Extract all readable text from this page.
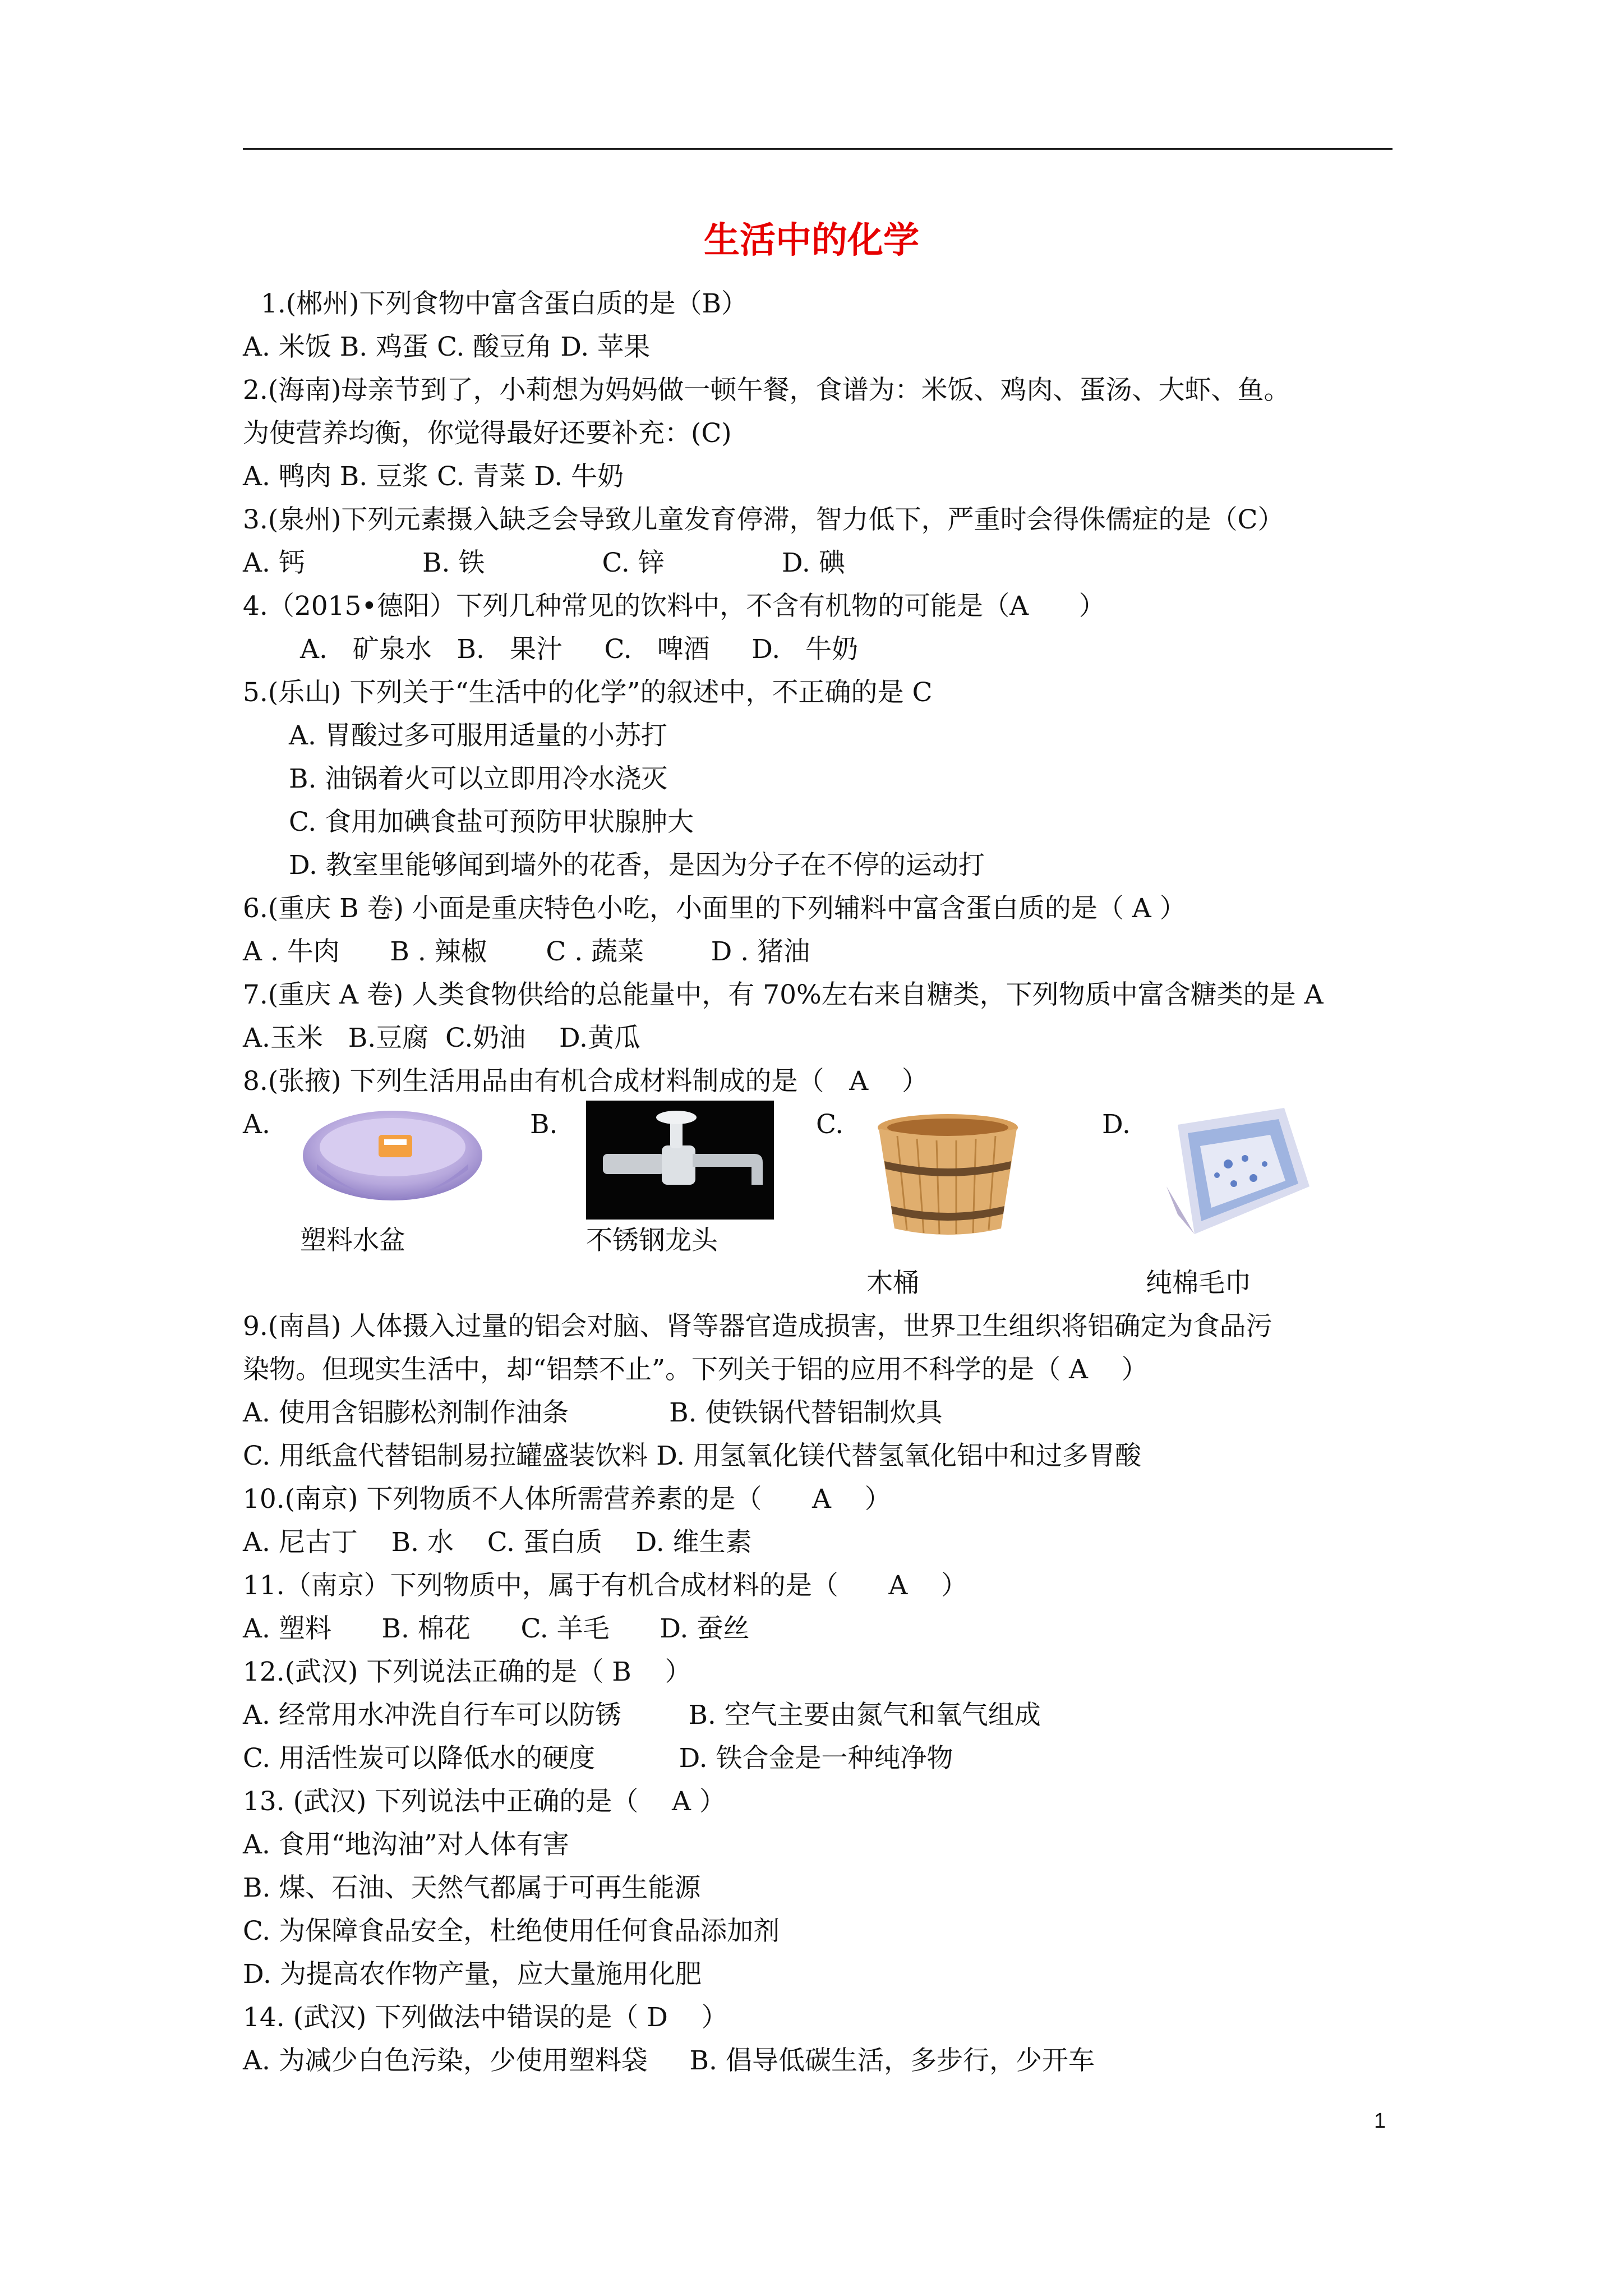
生活中的化学
1.(郴州)下列食物中富含蛋白质的是（B）
A. 米饭 B. 鸡蛋 C. 酸豆角 D. 苹果
2.(海南)母亲节到了，小莉想为妈妈做一顿午餐，食谱为：米饭、鸡肉、蛋汤、大虾、鱼。
为使营养均衡，你觉得最好还要补充：(C)
A. 鸭肉 B. 豆浆 C. 青菜 D. 牛奶
3.(泉州)下列元素摄入缺乏会导致儿童发育停滞，智力低下，严重时会得侏儒症的是（C）
A. 钙              B. 铁              C. 锌              D. 碘
4.（2015•德阳）下列几种常见的饮料中，不含有机物的可能是（A      ）
A.   矿泉水   B.   果汁     C.   啤酒     D.   牛奶
5.(乐山) 下列关于“生活中的化学”的叙述中，不正确的是 C
A. 胃酸过多可服用适量的小苏打
B. 油锅着火可以立即用冷水浇灭
C. 食用加碘食盐可预防甲状腺肿大
D. 教室里能够闻到墙外的花香，是因为分子在不停的运动打
6.(重庆 B 卷) 小面是重庆特色小吃，小面里的下列辅料中富含蛋白质的是（ A ）
A . 牛肉      B . 辣椒       C . 蔬菜        D . 猪油
7.(重庆 A 卷) 人类食物供给的总能量中，有 70%左右来自糖类，下列物质中富含糖类的是 A
A.玉米   B.豆腐  C.奶油    D.黄瓜
8.(张掖) 下列生活用品由有机合成材料制成的是（   A    ）
A.	B.	C.	D.
塑料水盆	不锈钢龙头
木桶	纯棉毛巾
9.(南昌) 人体摄入过量的铝会对脑、肾等器官造成损害，世界卫生组织将铝确定为食品污
染物。但现实生活中，却“铝禁不止”。下列关于铝的应用不科学的是（ A    ）
A. 使用含铝膨松剂制作油条            B. 使铁锅代替铝制炊具
C. 用纸盒代替铝制易拉罐盛装饮料 D. 用氢氧化镁代替氢氧化铝中和过多胃酸
10.(南京) 下列物质不人体所需营养素的是（      A    ）
A. 尼古丁    B. 水    C. 蛋白质    D. 维生素
11.（南京）下列物质中，属于有机合成材料的是（      A    ）
A. 塑料      B. 棉花      C. 羊毛      D. 蚕丝
12.(武汉) 下列说法正确的是（ B    ）
A. 经常用水冲洗自行车可以防锈        B. 空气主要由氮气和氧气组成
C. 用活性炭可以降低水的硬度          D. 铁合金是一种纯净物
13. (武汉) 下列说法中正确的是（    A ）
A. 食用“地沟油”对人体有害
B. 煤、石油、天然气都属于可再生能源
C. 为保障食品安全，杜绝使用任何食品添加剂
D. 为提高农作物产量，应大量施用化肥
14. (武汉) 下列做法中错误的是（ D    ）
A. 为减少白色污染，少使用塑料袋     B. 倡导低碳生活，多步行，少开车
1
